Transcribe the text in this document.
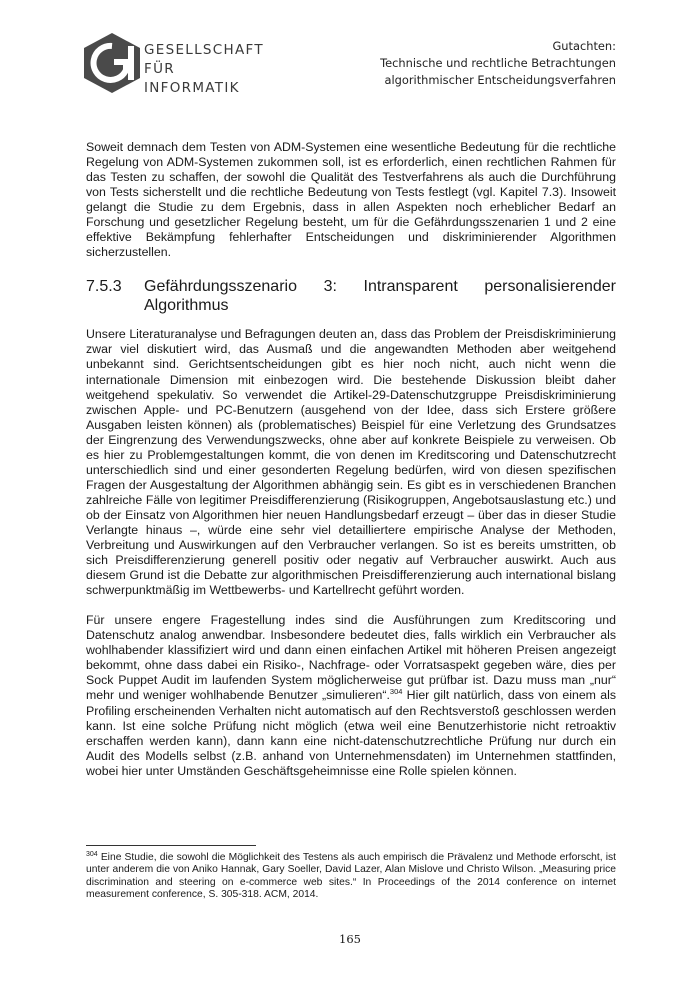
GESELLSCHAFT
FÜR INFORMATIK
Gutachten:
Technische und rechtliche Betrachtungen
algorithmischer Entscheidungsverfahren

Soweit demnach dem Testen von ADM-Systemen eine wesentliche Bedeutung für die rechtliche Regelung von ADM-Systemen zukommen soll, ist es erforderlich, einen rechtlichen Rahmen für das Testen zu schaffen, der sowohl die Qualität des Testverfahrens als auch die Durchführung von Tests sicherstellt und die rechtliche Bedeutung von Tests festlegt (vgl. Kapitel 7.3). Insoweit gelangt die Studie zu dem Ergebnis, dass in allen Aspekten noch erheblicher Bedarf an Forschung und gesetzlicher Regelung besteht, um für die Gefährdungsszenarien 1 und 2 eine effektive Bekämpfung fehlerhafter Entscheidungen und diskriminierender Algorithmen sicherzustellen.

7.5.3	Gefährdungsszenario 3: Intransparent personalisierender Algorithmus

Unsere Literaturanalyse und Befragungen deuten an, dass das Problem der Preisdiskriminierung zwar viel diskutiert wird, das Ausmaß und die angewandten Methoden aber weitgehend unbekannt sind. Gerichtsentscheidungen gibt es hier noch nicht, auch nicht wenn die internationale Dimension mit einbezogen wird. Die bestehende Diskussion bleibt daher weitgehend spekulativ. So verwendet die Artikel-29-Datenschutzgruppe Preisdiskriminierung zwischen Apple- und PC-Benutzern (ausgehend von der Idee, dass sich Erstere größere Ausgaben leisten können) als (problematisches) Beispiel für eine Verletzung des Grundsatzes der Eingrenzung des Verwendungszwecks, ohne aber auf konkrete Beispiele zu verweisen. Ob es hier zu Problemgestaltungen kommt, die von denen im Kreditscoring und Datenschutzrecht unterschiedlich sind und einer gesonderten Regelung bedürfen, wird von diesen spezifischen Fragen der Ausgestaltung der Algorithmen abhängig sein. Es gibt es in verschiedenen Branchen zahlreiche Fälle von legitimer Preisdifferenzierung (Risikogruppen, Angebotsauslastung etc.) und ob der Einsatz von Algorithmen hier neuen Handlungsbedarf erzeugt – über das in dieser Studie Verlangte hinaus –, würde eine sehr viel detailliertere empirische Analyse der Methoden, Verbreitung und Auswirkungen auf den Verbraucher verlangen. So ist es bereits umstritten, ob sich Preisdifferenzierung generell positiv oder negativ auf Verbraucher auswirkt. Auch aus diesem Grund ist die Debatte zur algorithmischen Preisdifferenzierung auch international bislang schwerpunktmäßig im Wettbewerbs- und Kartellrecht geführt worden.

Für unsere engere Fragestellung indes sind die Ausführungen zum Kreditscoring und Datenschutz analog anwendbar. Insbesondere bedeutet dies, falls wirklich ein Verbraucher als wohlhabender klassifiziert wird und dann einen einfachen Artikel mit höheren Preisen angezeigt bekommt, ohne dass dabei ein Risiko-, Nachfrage- oder Vorratsaspekt gegeben wäre, dies per Sock Puppet Audit im laufenden System möglicherweise gut prüfbar ist. Dazu muss man „nur“ mehr und weniger wohlhabende Benutzer „simulieren“.$^{304}$ Hier gilt natürlich, dass von einem als Profiling erscheinenden Verhalten nicht automatisch auf den Rechtsverstoß geschlossen werden kann. Ist eine solche Prüfung nicht möglich (etwa weil eine Benutzerhistorie nicht retroaktiv erschaffen werden kann), dann kann eine nicht-datenschutzrechtliche Prüfung nur durch ein Audit des Modells selbst (z.B. anhand von Unternehmensdaten) im Unternehmen stattfinden, wobei hier unter Umständen Geschäftsgeheimnisse eine Rolle spielen können.

$^{304}$ Eine Studie, die sowohl die Möglichkeit des Testens als auch empirisch die Prävalenz und Methode erforscht, ist unter anderem die von Aniko Hannak, Gary Soeller, David Lazer, Alan Mislove und Christo Wilson. „Measuring price discrimination and steering on e-commerce web sites.“ In Proceedings of the 2014 conference on internet measurement conference, S. 305-318. ACM, 2014.

165
